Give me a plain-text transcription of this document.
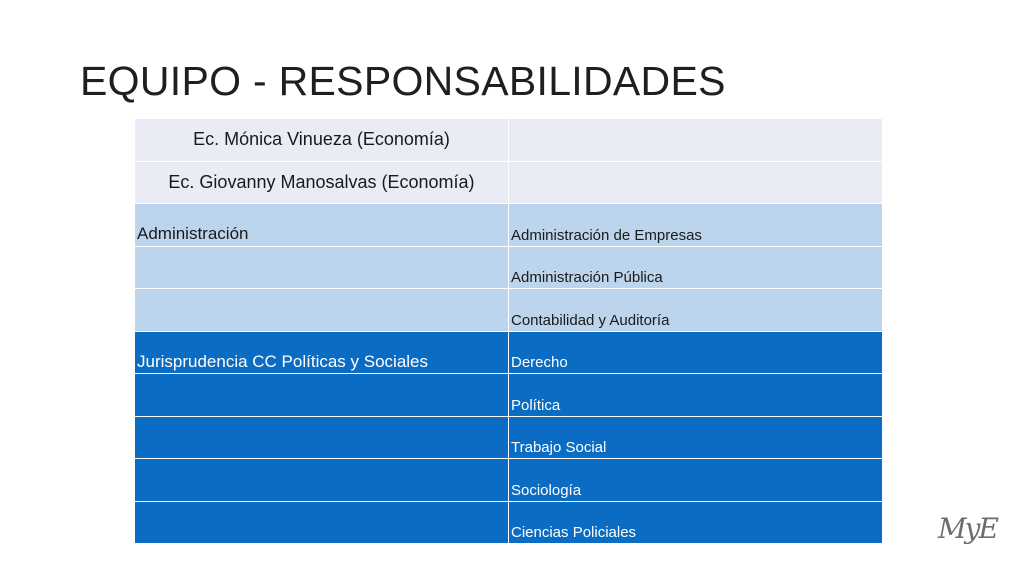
EQUIPO - RESPONSABILIDADES
Ec. Mónica Vinueza (Economía)	

Ec. Giovanny Manosalvas (Economía)	

Administración	Administración de Empresas

	Administración Pública

	Contabilidad y Auditoría

Jurisprudencia CC Políticas y Sociales	Derecho

	Política

	Trabajo Social

	Sociología

	Ciencias Policiales	MyE
